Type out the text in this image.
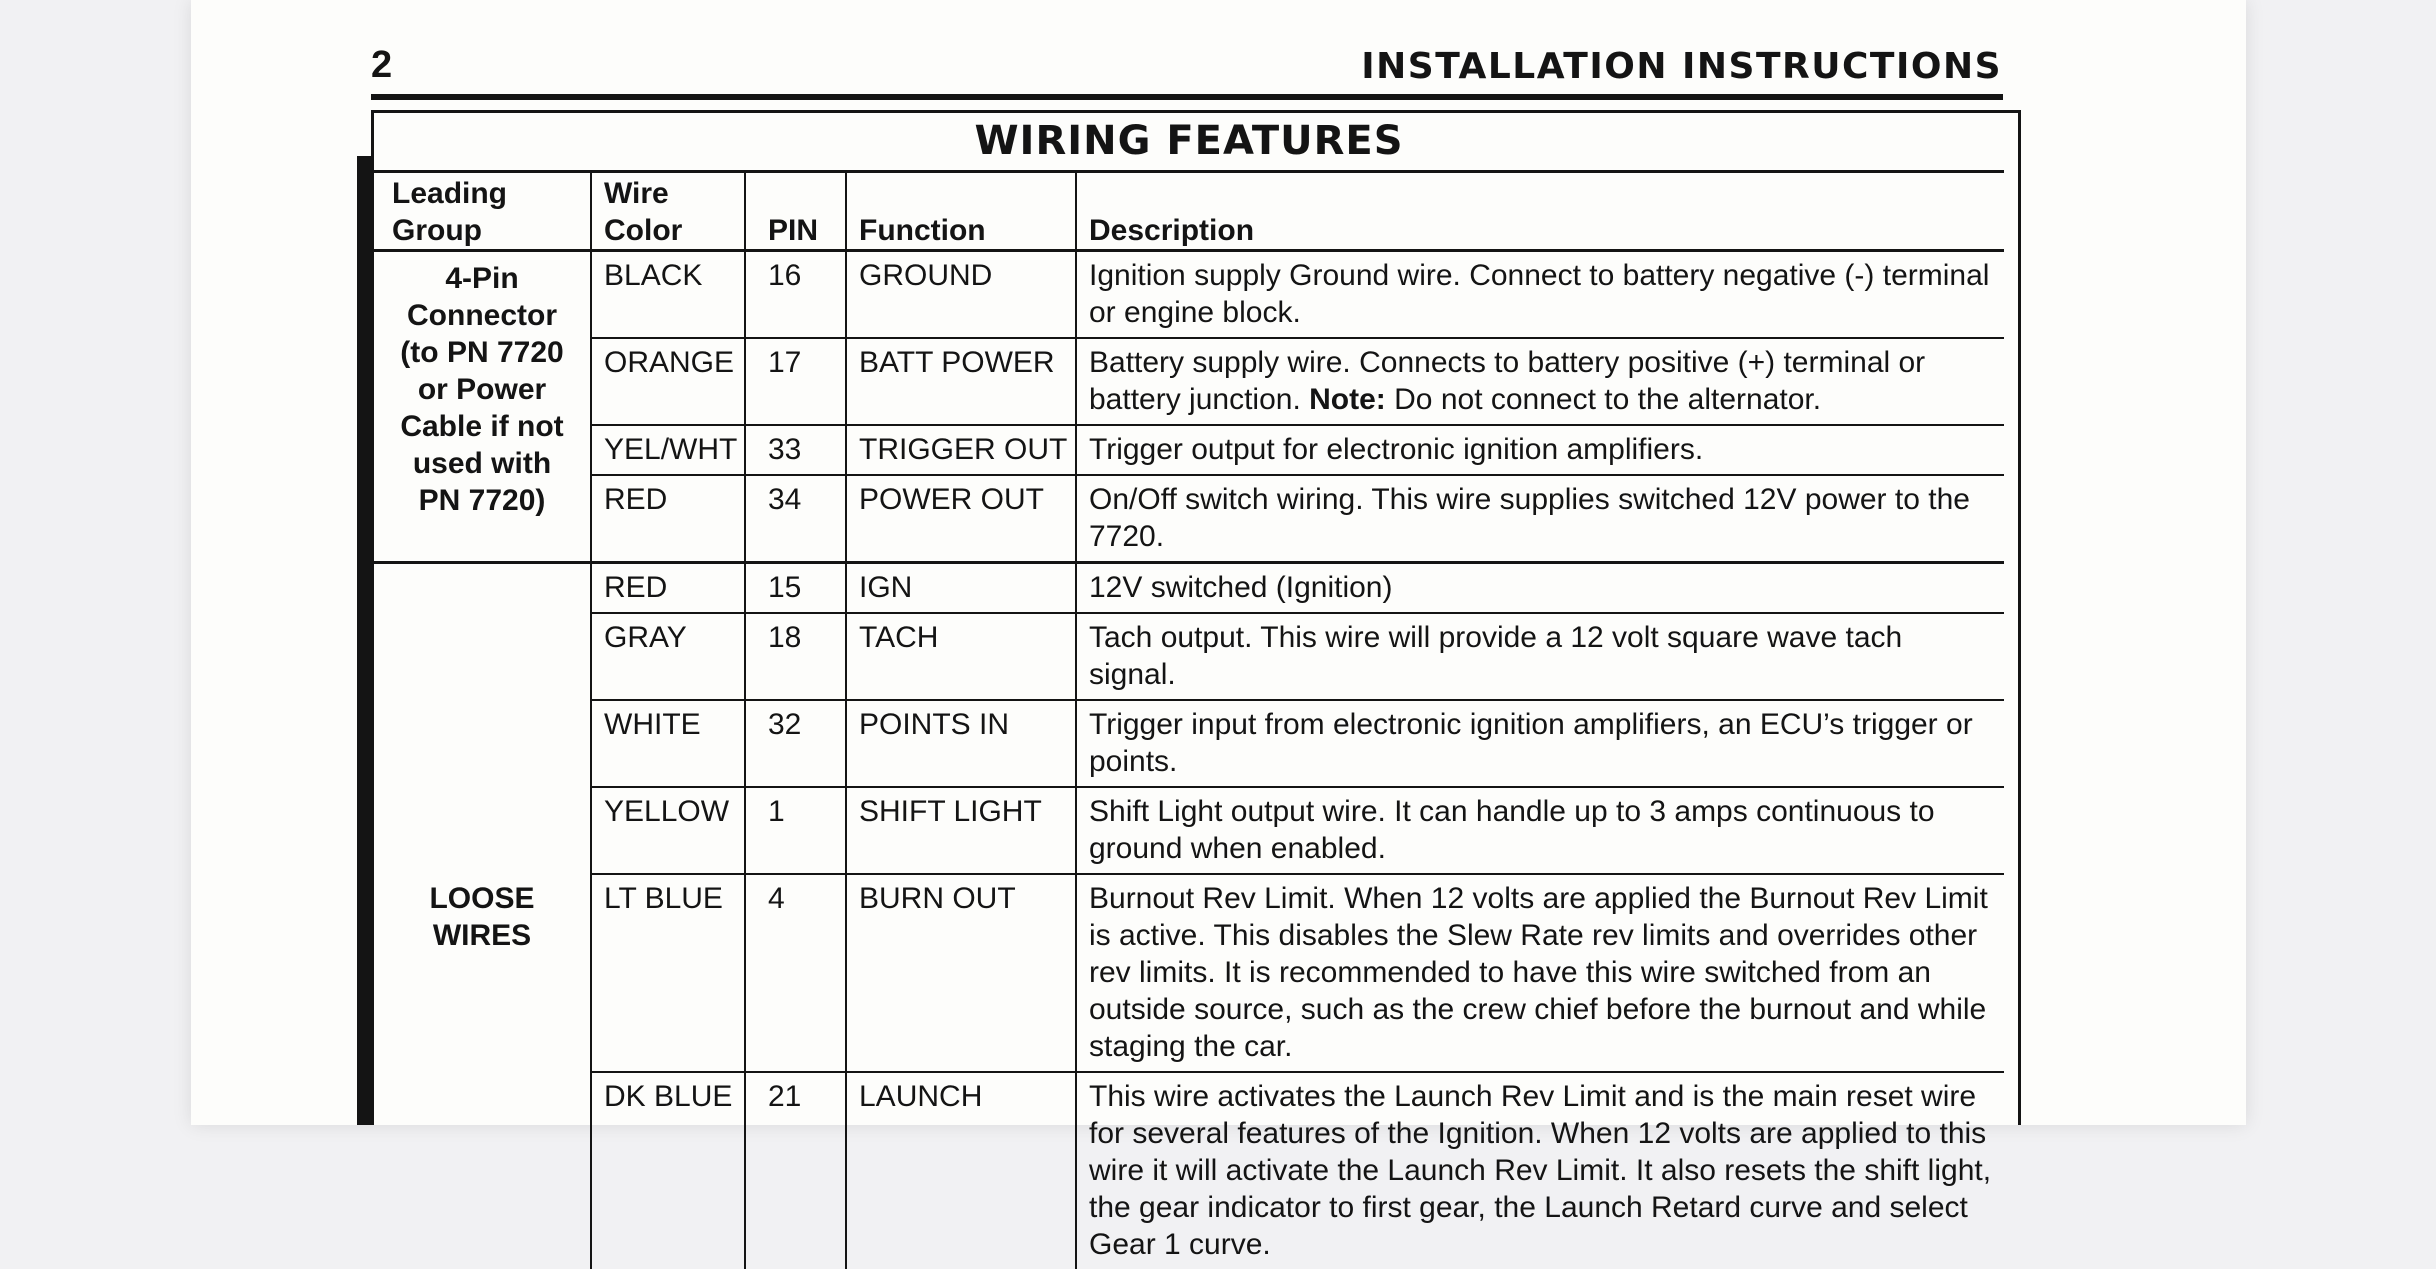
2	INSTALLATION INSTRUCTIONS
WIRING FEATURES
Leading Group	Wire Color	PIN	Function	Description
4-Pin Connector (to PN 7720 or Power Cable if not used with PN 7720)	BLACK	16	GROUND	Ignition supply Ground wire. Connect to battery negative (-) terminal or engine block.
	ORANGE	17	BATT POWER	Battery supply wire. Connects to battery positive (+) terminal or battery junction. Note: Do not connect to the alternator.
	YEL/WHT	33	TRIGGER OUT	Trigger output for electronic ignition amplifiers.
	RED	34	POWER OUT	On/Off switch wiring. This wire supplies switched 12V power to the 7720.
LOOSE WIRES	RED	15	IGN	12V switched (Ignition)
	GRAY	18	TACH	Tach output. This wire will provide a 12 volt square wave tach signal.
	WHITE	32	POINTS IN	Trigger input from electronic ignition amplifiers, an ECU’s trigger or points.
	YELLOW	1	SHIFT LIGHT	Shift Light output wire. It can handle up to 3 amps continuous to ground when enabled.
	LT BLUE	4	BURN OUT	Burnout Rev Limit. When 12 volts are applied the Burnout Rev Limit is active. This disables the Slew Rate rev limits and overrides other rev limits. It is recommended to have this wire switched from an outside source, such as the crew chief before the burnout and while staging the car.
	DK BLUE	21	LAUNCH	This wire activates the Launch Rev Limit and is the main reset wire for several features of the Ignition. When 12 volts are applied to this wire it will activate the Launch Rev Limit. It also resets the shift light, the gear indicator to first gear, the Launch Retard curve and select Gear 1 curve.
